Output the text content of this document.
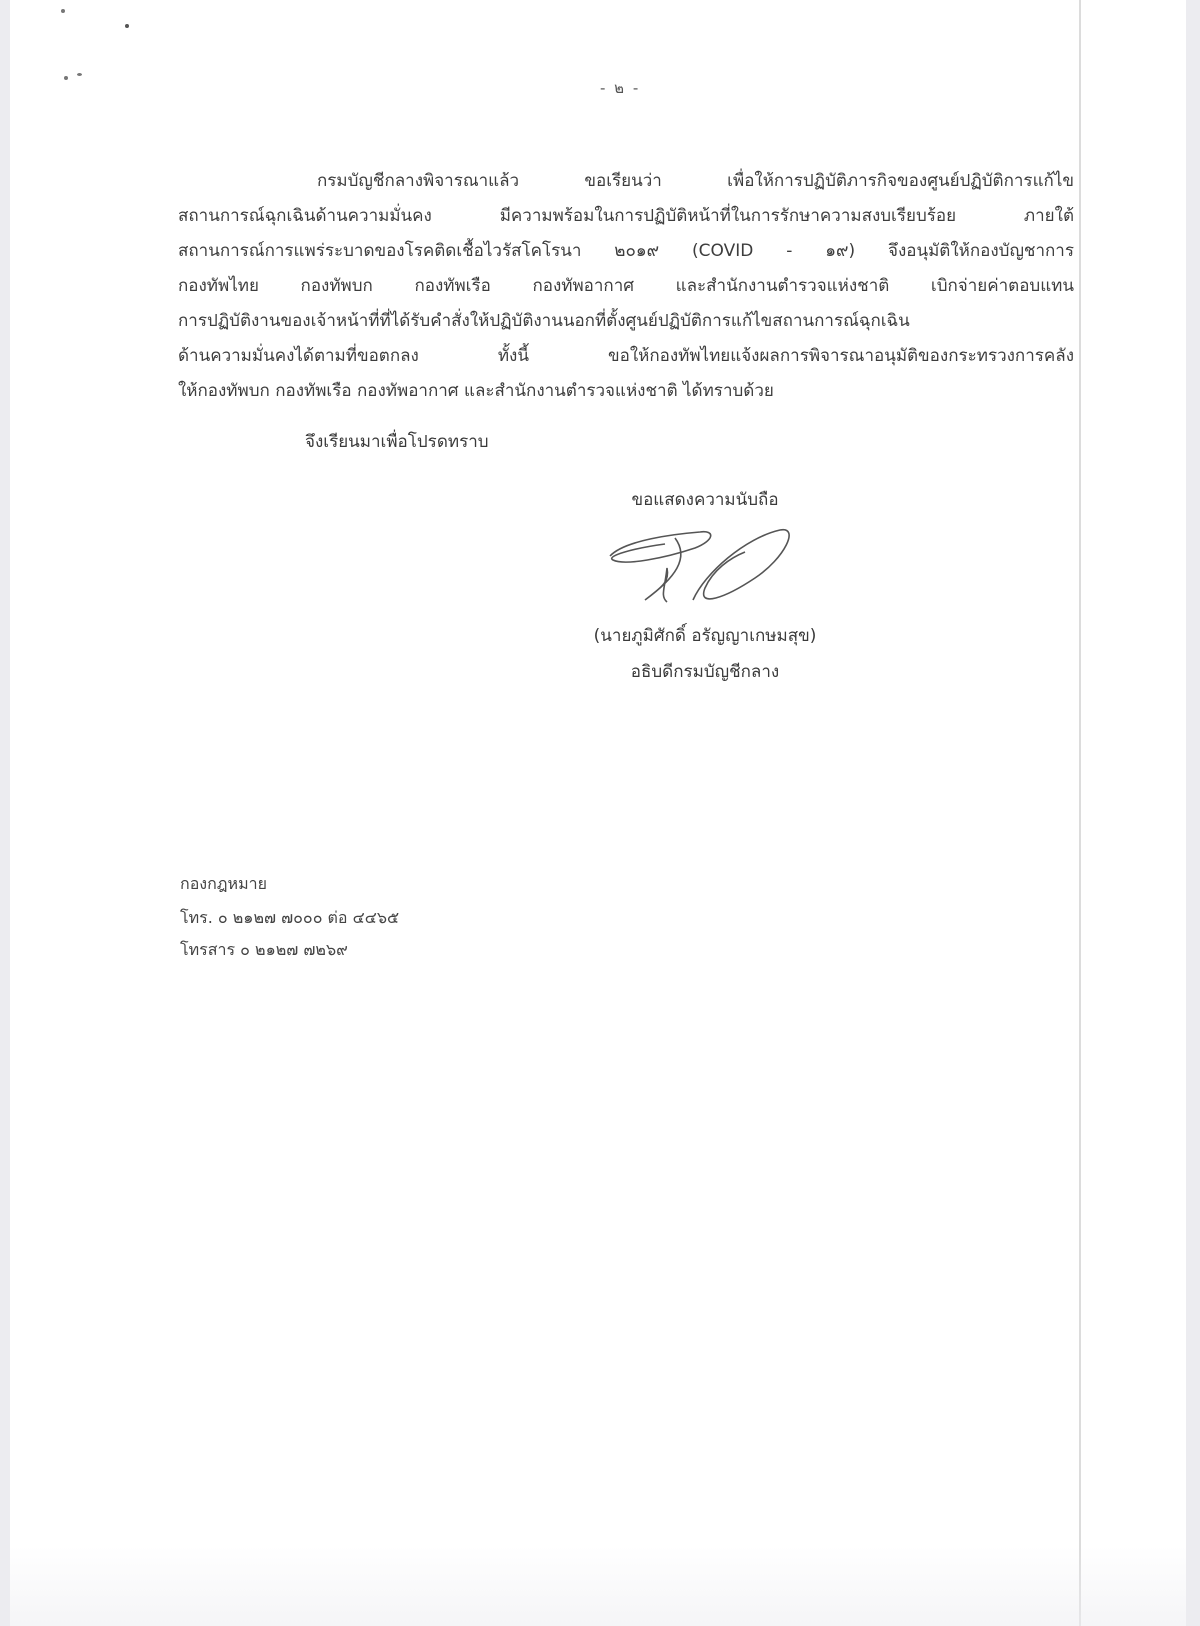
- ๒ -
กรมบัญชีกลางพิจารณาแล้ว ขอเรียนว่า เพื่อให้การปฏิบัติภารกิจของศูนย์ปฏิบัติการแก้ไข
สถานการณ์ฉุกเฉินด้านความมั่นคง มีความพร้อมในการปฏิบัติหน้าที่ในการรักษาความสงบเรียบร้อย ภายใต้
สถานการณ์การแพร่ระบาดของโรคติดเชื้อไวรัสโคโรนา ๒๐๑๙ (COVID - ๑๙) จึงอนุมัติให้กองบัญชาการ
กองทัพไทย กองทัพบก กองทัพเรือ กองทัพอากาศ และสำนักงานตำรวจแห่งชาติ เบิกจ่ายค่าตอบแทน
การปฏิบัติงานของเจ้าหน้าที่ที่ได้รับคำสั่งให้ปฏิบัติงานนอกที่ตั้งศูนย์ปฏิบัติการแก้ไขสถานการณ์ฉุกเฉิน
ด้านความมั่นคงได้ตามที่ขอตกลง ทั้งนี้ ขอให้กองทัพไทยแจ้งผลการพิจารณาอนุมัติของกระทรวงการคลัง
ให้กองทัพบก กองทัพเรือ กองทัพอากาศ และสำนักงานตำรวจแห่งชาติ ได้ทราบด้วย
จึงเรียนมาเพื่อโปรดทราบ
ขอแสดงความนับถือ
(นายภูมิศักดิ์ อรัญญาเกษมสุข)
อธิบดีกรมบัญชีกลาง
กองกฎหมาย
โทร. ๐ ๒๑๒๗ ๗๐๐๐ ต่อ ๔๔๖๕
โทรสาร ๐ ๒๑๒๗ ๗๒๖๙
